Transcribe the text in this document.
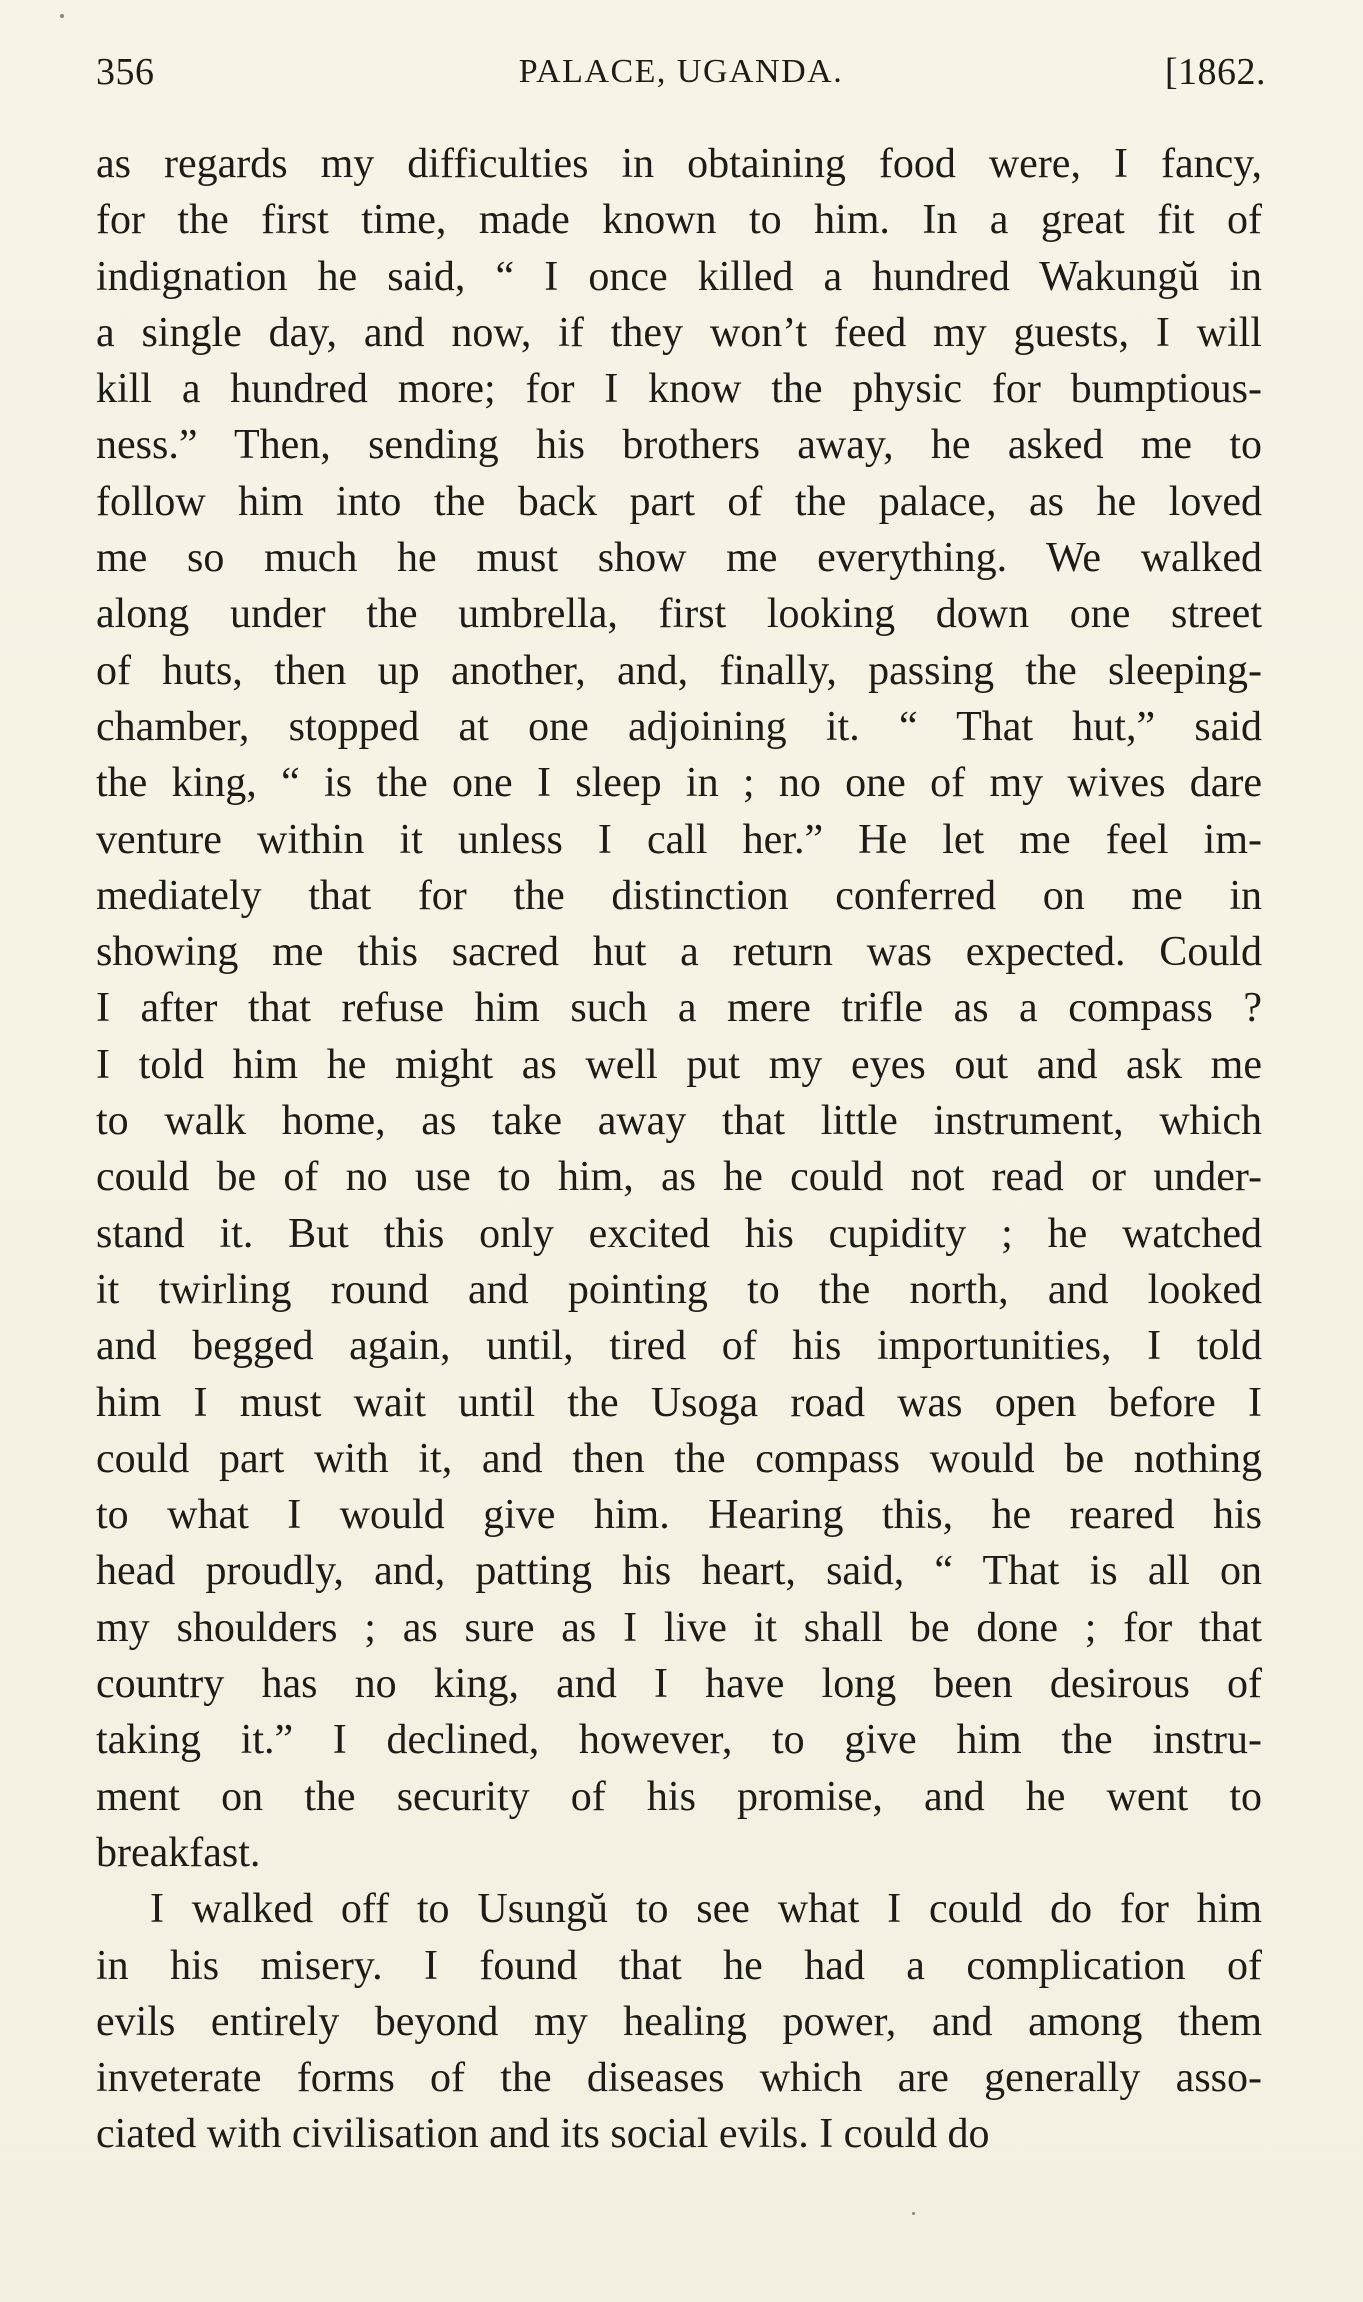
356	PALACE, UGANDA.	[1862.

as regards my difficulties in obtaining food were, I fancy,
for the first time, made known to him. In a great fit of
indignation he said, “ I once killed a hundred Wakungŭ in
a single day, and now, if they won’t feed my guests, I will
kill a hundred more; for I know the physic for bumptious-
ness.” Then, sending his brothers away, he asked me to
follow him into the back part of the palace, as he loved
me so much he must show me everything. We walked
along under the umbrella, first looking down one street
of huts, then up another, and, finally, passing the sleeping-
chamber, stopped at one adjoining it. “ That hut,” said
the king, “ is the one I sleep in ; no one of my wives dare
venture within it unless I call her.” He let me feel im-
mediately that for the distinction conferred on me in
showing me this sacred hut a return was expected. Could
I after that refuse him such a mere trifle as a compass ?
I told him he might as well put my eyes out and ask me
to walk home, as take away that little instrument, which
could be of no use to him, as he could not read or under-
stand it. But this only excited his cupidity ; he watched
it twirling round and pointing to the north, and looked
and begged again, until, tired of his importunities, I told
him I must wait until the Usoga road was open before I
could part with it, and then the compass would be nothing
to what I would give him. Hearing this, he reared his
head proudly, and, patting his heart, said, “ That is all on
my shoulders ; as sure as I live it shall be done ; for that
country has no king, and I have long been desirous of
taking it.” I declined, however, to give him the instru-
ment on the security of his promise, and he went to
breakfast.

I walked off to Usungŭ to see what I could do for him
in his misery. I found that he had a complication of
evils entirely beyond my healing power, and among them
inveterate forms of the diseases which are generally asso-
ciated with civilisation and its social evils. I could do
